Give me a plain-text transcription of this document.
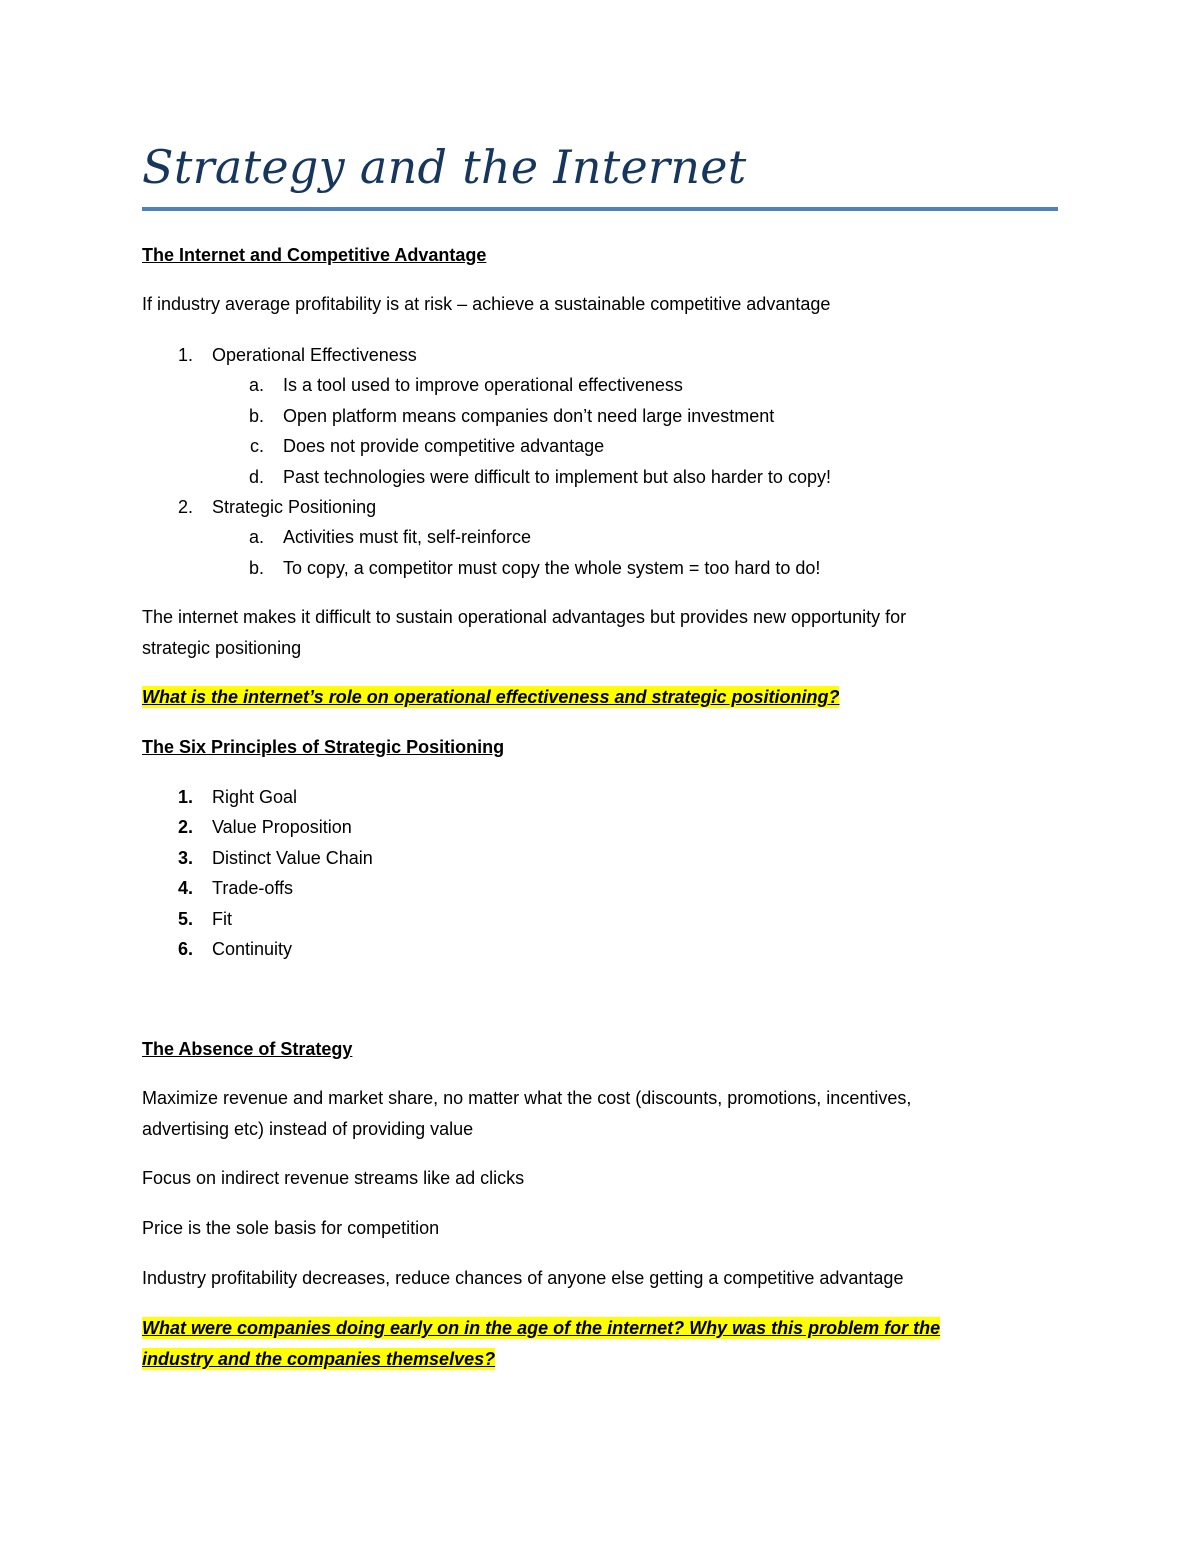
Strategy and the Internet
The Internet and Competitive Advantage
If industry average profitability is at risk – achieve a sustainable competitive advantage
1. Operational Effectiveness
a. Is a tool used to improve operational effectiveness
b. Open platform means companies don’t need large investment
c. Does not provide competitive advantage
d. Past technologies were difficult to implement but also harder to copy!
2. Strategic Positioning
a. Activities must fit, self-reinforce
b. To copy, a competitor must copy the whole system = too hard to do!
The internet makes it difficult to sustain operational advantages but provides new opportunity for
strategic positioning
What is the internet’s role on operational effectiveness and strategic positioning?
The Six Principles of Strategic Positioning
1. Right Goal
2. Value Proposition
3. Distinct Value Chain
4. Trade-offs
5. Fit
6. Continuity
The Absence of Strategy
Maximize revenue and market share, no matter what the cost (discounts, promotions, incentives,
advertising etc) instead of providing value
Focus on indirect revenue streams like ad clicks
Price is the sole basis for competition
Industry profitability decreases, reduce chances of anyone else getting a competitive advantage
What were companies doing early on in the age of the internet? Why was this problem for the
industry and the companies themselves?
